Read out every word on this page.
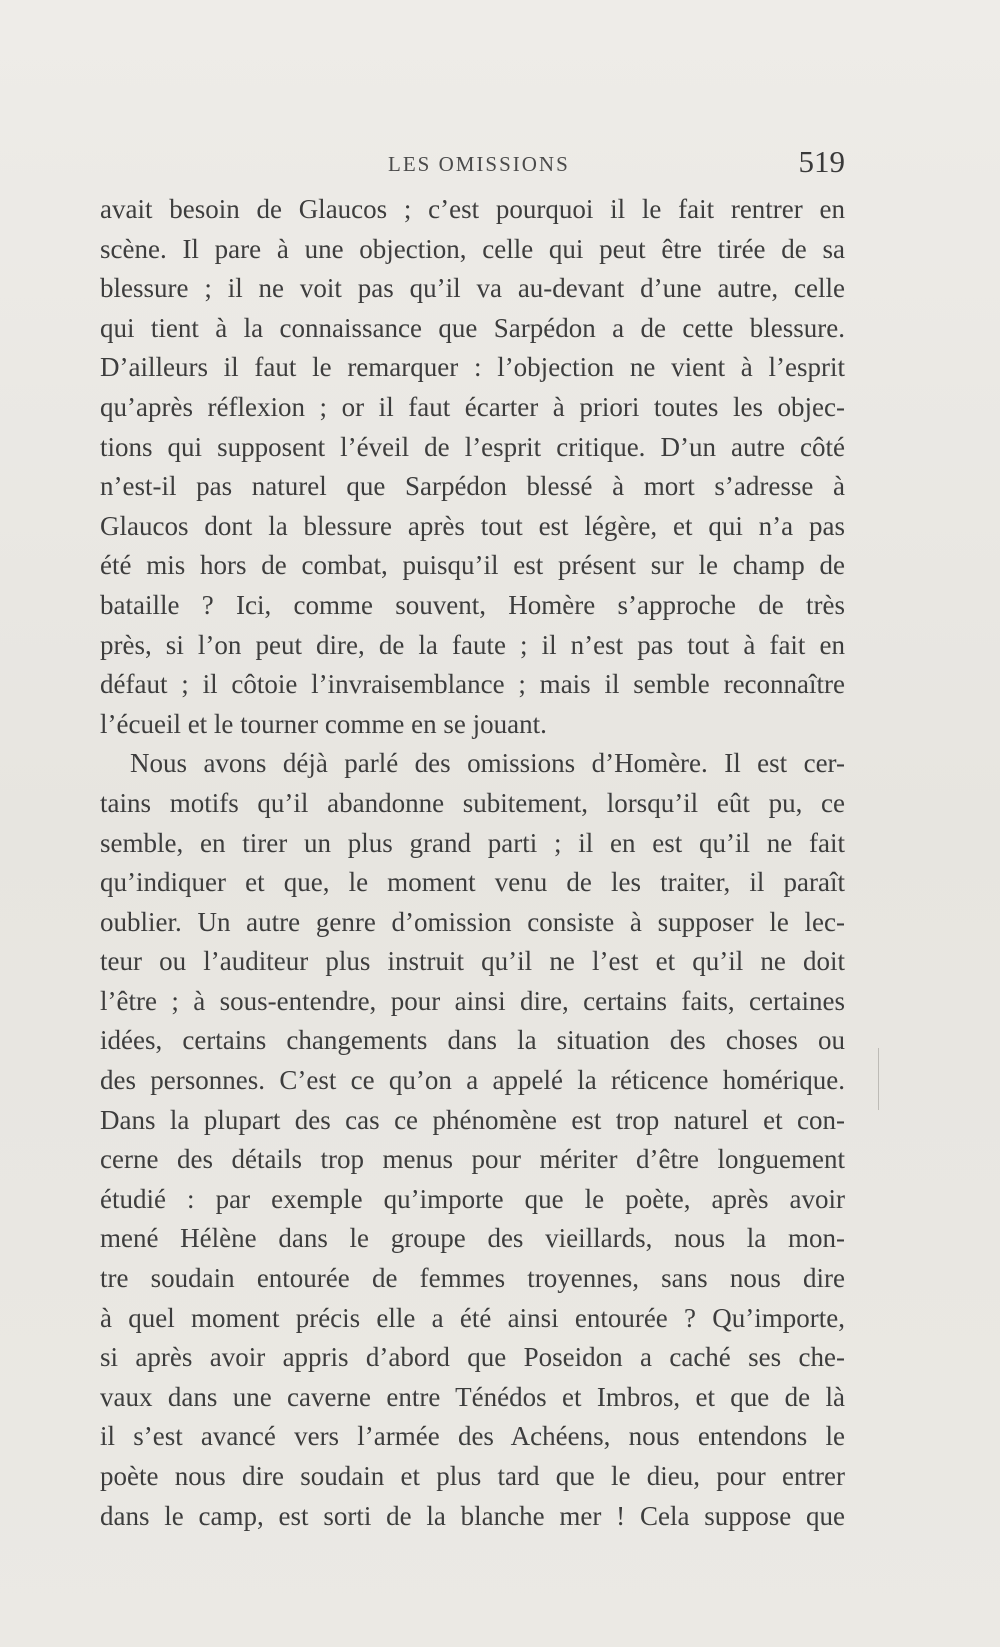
LES OMISSIONS	519
avait besoin de Glaucos ; c’est pourquoi il le fait rentrer en
scène. Il pare à une objection, celle qui peut être tirée de sa
blessure ; il ne voit pas qu’il va au-devant d’une autre, celle
qui tient à la connaissance que Sarpédon a de cette blessure.
D’ailleurs il faut le remarquer : l’objection ne vient à l’esprit
qu’après réflexion ; or il faut écarter à priori toutes les objec-
tions qui supposent l’éveil de l’esprit critique. D’un autre côté
n’est-il pas naturel que Sarpédon blessé à mort s’adresse à
Glaucos dont la blessure après tout est légère, et qui n’a pas
été mis hors de combat, puisqu’il est présent sur le champ de
bataille ? Ici, comme souvent, Homère s’approche de très
près, si l’on peut dire, de la faute ; il n’est pas tout à fait en
défaut ; il côtoie l’invraisemblance ; mais il semble reconnaître
l’écueil et le tourner comme en se jouant.
Nous avons déjà parlé des omissions d’Homère. Il est cer-
tains motifs qu’il abandonne subitement, lorsqu’il eût pu, ce
semble, en tirer un plus grand parti ; il en est qu’il ne fait
qu’indiquer et que, le moment venu de les traiter, il paraît
oublier. Un autre genre d’omission consiste à supposer le lec-
teur ou l’auditeur plus instruit qu’il ne l’est et qu’il ne doit
l’être ; à sous-entendre, pour ainsi dire, certains faits, certaines
idées, certains changements dans la situation des choses ou
des personnes. C’est ce qu’on a appelé la réticence homérique.
Dans la plupart des cas ce phénomène est trop naturel et con-
cerne des détails trop menus pour mériter d’être longuement
étudié : par exemple qu’importe que le poète, après avoir
mené Hélène dans le groupe des vieillards, nous la mon-
tre soudain entourée de femmes troyennes, sans nous dire
à quel moment précis elle a été ainsi entourée ? Qu’importe,
si après avoir appris d’abord que Poseidon a caché ses che-
vaux dans une caverne entre Ténédos et Imbros, et que de là
il s’est avancé vers l’armée des Achéens, nous entendons le
poète nous dire soudain et plus tard que le dieu, pour entrer
dans le camp, est sorti de la blanche mer ! Cela suppose que
